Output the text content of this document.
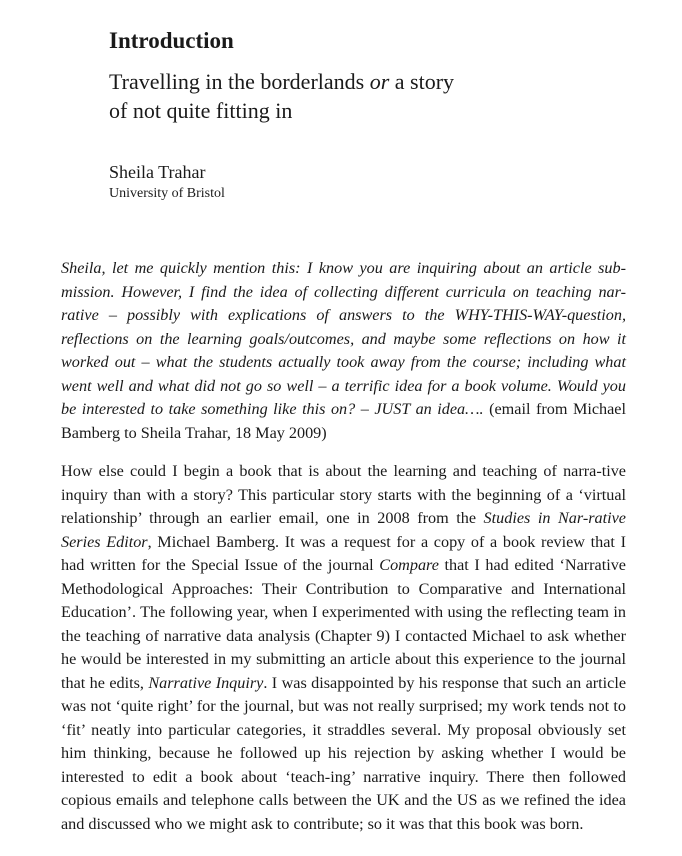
Introduction
Travelling in the borderlands or a story
of not quite fitting in
Sheila Trahar
University of Bristol
Sheila, let me quickly mention this: I know you are inquiring about an article sub-mission. However, I find the idea of collecting different curricula on teaching nar-rative – possibly with explications of answers to the WHY-THIS-WAY-question, reflections on the learning goals/outcomes, and maybe some reflections on how it worked out – what the students actually took away from the course; including what went well and what did not go so well – a terrific idea for a book volume. Would you be interested to take something like this on? – JUST an idea…. (email from Michael Bamberg to Sheila Trahar, 18 May 2009)

How else could I begin a book that is about the learning and teaching of narra-tive inquiry than with a story? This particular story starts with the beginning of a ‘virtual relationship’ through an earlier email, one in 2008 from the Studies in Nar-rative Series Editor, Michael Bamberg. It was a request for a copy of a book review that I had written for the Special Issue of the journal Compare that I had edited ‘Narrative Methodological Approaches: Their Contribution to Comparative and International Education’. The following year, when I experimented with using the reflecting team in the teaching of narrative data analysis (Chapter 9) I contacted Michael to ask whether he would be interested in my submitting an article about this experience to the journal that he edits, Narrative Inquiry. I was disappointed by his response that such an article was not ‘quite right’ for the journal, but was not really surprised; my work tends not to ‘fit’ neatly into particular categories, it straddles several. My proposal obviously set him thinking, because he followed up his rejection by asking whether I would be interested to edit a book about ‘teach-ing’ narrative inquiry. There then followed copious emails and telephone calls between the UK and the US as we refined the idea and discussed who we might ask to contribute; so it was that this book was born.
